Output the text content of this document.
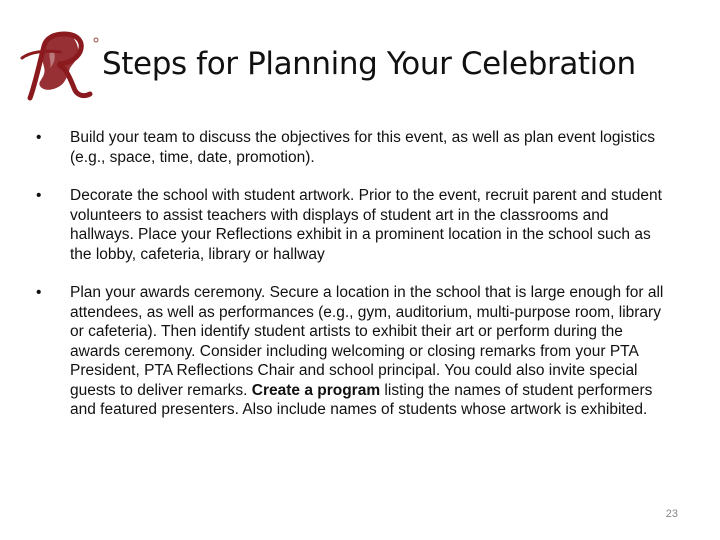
Steps for Planning Your Celebration
• Build your team to discuss the objectives for this event, as well as plan event logistics (e.g., space, time, date, promotion).
• Decorate the school with student artwork. Prior to the event, recruit parent and student volunteers to assist teachers with displays of student art in the classrooms and hallways. Place your Reflections exhibit in a prominent location in the school such as the lobby, cafeteria, library or hallway
• Plan your awards ceremony. Secure a location in the school that is large enough for all attendees, as well as performances (e.g., gym, auditorium, multi-purpose room, library or cafeteria). Then identify student artists to exhibit their art or perform during the awards ceremony. Consider including welcoming or closing remarks from your PTA President, PTA Reflections Chair and school principal. You could also invite special guests to deliver remarks. Create a program listing the names of student performers and featured presenters. Also include names of students whose artwork is exhibited.
23
